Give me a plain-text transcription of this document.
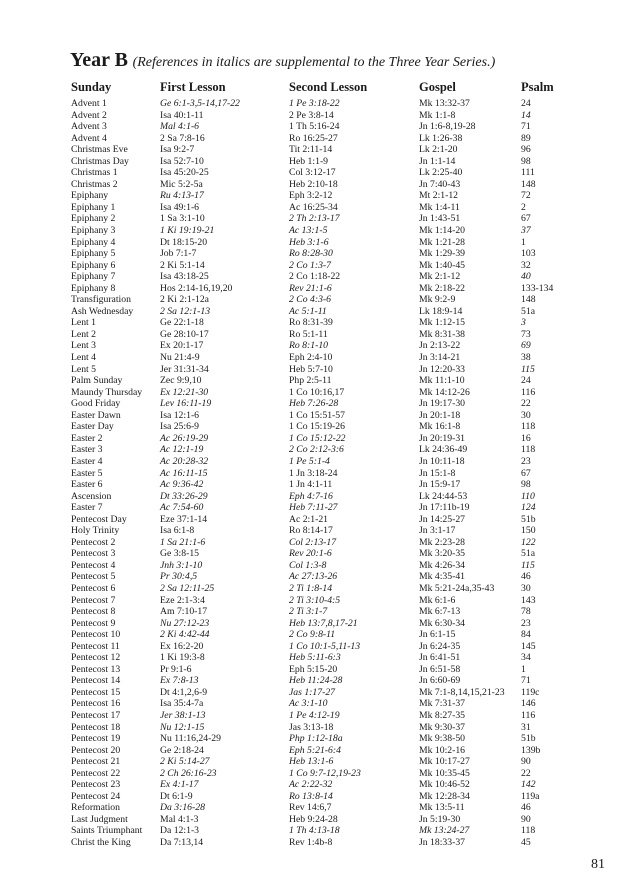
Year B (References in italics are supplemental to the Three Year Series.)
Sunday	First Lesson	Second Lesson	Gospel	Psalm
Advent 1	Ge 6:1-3,5-14,17-22	1 Pe 3:18-22	Mk 13:32-37	24
Advent 2	Isa 40:1-11	2 Pe 3:8-14	Mk 1:1-8	14
Advent 3	Mal 4:1-6	1 Th 5:16-24	Jn 1:6-8,19-28	71
Advent 4	2 Sa 7:8-16	Ro 16:25-27	Lk 1:26-38	89
Christmas Eve	Isa 9:2-7	Tit 2:11-14	Lk 2:1-20	96
Christmas Day	Isa 52:7-10	Heb 1:1-9	Jn 1:1-14	98
Christmas 1	Isa 45:20-25	Col 3:12-17	Lk 2:25-40	111
Christmas 2	Mic 5:2-5a	Heb 2:10-18	Jn 7:40-43	148
Epiphany	Ru 4:13-17	Eph 3:2-12	Mt 2:1-12	72
Epiphany 1	Isa 49:1-6	Ac 16:25-34	Mk 1:4-11	2
Epiphany 2	1 Sa 3:1-10	2 Th 2:13-17	Jn 1:43-51	67
Epiphany 3	1 Ki 19:19-21	Ac 13:1-5	Mk 1:14-20	37
Epiphany 4	Dt 18:15-20	Heb 3:1-6	Mk 1:21-28	1
Epiphany 5	Job 7:1-7	Ro 8:28-30	Mk 1:29-39	103
Epiphany 6	2 Ki 5:1-14	2 Co 1:3-7	Mk 1:40-45	32
Epiphany 7	Isa 43:18-25	2 Co 1:18-22	Mk 2:1-12	40
Epiphany 8	Hos 2:14-16,19,20	Rev 21:1-6	Mk 2:18-22	133-134
Transfiguration	2 Ki 2:1-12a	2 Co 4:3-6	Mk 9:2-9	148
Ash Wednesday	2 Sa 12:1-13	Ac 5:1-11	Lk 18:9-14	51a
Lent 1	Ge 22:1-18	Ro 8:31-39	Mk 1:12-15	3
Lent 2	Ge 28:10-17	Ro 5:1-11	Mk 8:31-38	73
Lent 3	Ex 20:1-17	Ro 8:1-10	Jn 2:13-22	69
Lent 4	Nu 21:4-9	Eph 2:4-10	Jn 3:14-21	38
Lent 5	Jer 31:31-34	Heb 5:7-10	Jn 12:20-33	115
Palm Sunday	Zec 9:9,10	Php 2:5-11	Mk 11:1-10	24
Maundy Thursday Ex 12:21-30	1 Co 10:16,17	Mk 14:12-26	116
Good Friday	Lev 16:11-19	Heb 7:26-28	Jn 19:17-30	22
Easter Dawn	Isa 12:1-6	1 Co 15:51-57	Jn 20:1-18	30
Easter Day	Isa 25:6-9	1 Co 15:19-26	Mk 16:1-8	118
Easter 2	Ac 26:19-29	1 Co 15:12-22	Jn 20:19-31	16
Easter 3	Ac 12:1-19	2 Co 2:12-3:6	Lk 24:36-49	118
Easter 4	Ac 20:28-32	1 Pe 5:1-4	Jn 10:11-18	23
Easter 5	Ac 16:11-15	1 Jn 3:18-24	Jn 15:1-8	67
Easter 6	Ac 9:36-42	1 Jn 4:1-11	Jn 15:9-17	98
Ascension	Dt 33:26-29	Eph 4:7-16	Lk 24:44-53	110
Easter 7	Ac 7:54-60	Heb 7:11-27	Jn 17:11b-19	124
Pentecost Day	Eze 37:1-14	Ac 2:1-21	Jn 14:25-27	51b
Holy Trinity	Isa 6:1-8	Ro 8:14-17	Jn 3:1-17	150
Pentecost 2	1 Sa 21:1-6	Col 2:13-17	Mk 2:23-28	122
Pentecost 3	Ge 3:8-15	Rev 20:1-6	Mk 3:20-35	51a
Pentecost 4	Jnh 3:1-10	Col 1:3-8	Mk 4:26-34	115
Pentecost 5	Pr 30:4,5	Ac 27:13-26	Mk 4:35-41	46
Pentecost 6	2 Sa 12:11-25	2 Ti 1:8-14	Mk 5:21-24a,35-43	30
Pentecost 7	Eze 2:1-3:4	2 Ti 3:10-4:5	Mk 6:1-6	143
Pentecost 8	Am 7:10-17	2 Ti 3:1-7	Mk 6:7-13	78
Pentecost 9	Nu 27:12-23	Heb 13:7,8,17-21	Mk 6:30-34	23
Pentecost 10	2 Ki 4:42-44	2 Co 9:8-11	Jn 6:1-15	84
Pentecost 11	Ex 16:2-20	1 Co 10:1-5,11-13	Jn 6:24-35	145
Pentecost 12	1 Ki 19:3-8	Heb 5:11-6:3	Jn 6:41-51	34
Pentecost 13	Pr 9:1-6	Eph 5:15-20	Jn 6:51-58	1
Pentecost 14	Ex 7:8-13	Heb 11:24-28	Jn 6:60-69	71
Pentecost 15	Dt 4:1,2,6-9	Jas 1:17-27	Mk 7:1-8,14,15,21-23 119c
Pentecost 16	Isa 35:4-7a	Ac 3:1-10	Mk 7:31-37	146
Pentecost 17	Jer 38:1-13	1 Pe 4:12-19	Mk 8:27-35	116
Pentecost 18	Nu 12:1-15	Jas 3:13-18	Mk 9:30-37	31
Pentecost 19	Nu 11:16,24-29	Php 1:12-18a	Mk 9:38-50	51b
Pentecost 20	Ge 2:18-24	Eph 5:21-6:4	Mk 10:2-16	139b
Pentecost 21	2 Ki 5:14-27	Heb 13:1-6	Mk 10:17-27	90
Pentecost 22	2 Ch 26:16-23	1 Co 9:7-12,19-23	Mk 10:35-45	22
Pentecost 23	Ex 4:1-17	Ac 2:22-32	Mk 10:46-52	142
Pentecost 24	Dt 6:1-9	Ro 13:8-14	Mk 12:28-34	119a
Reformation	Da 3:16-28	Rev 14:6,7	Mk 13:5-11	46
Last Judgment	Mal 4:1-3	Heb 9:24-28	Jn 5:19-30	90
Saints Triumphant Da 12:1-3	1 Th 4:13-18	Mk 13:24-27	118
Christ the King	Da 7:13,14	Rev 1:4b-8	Jn 18:33-37	45
81
